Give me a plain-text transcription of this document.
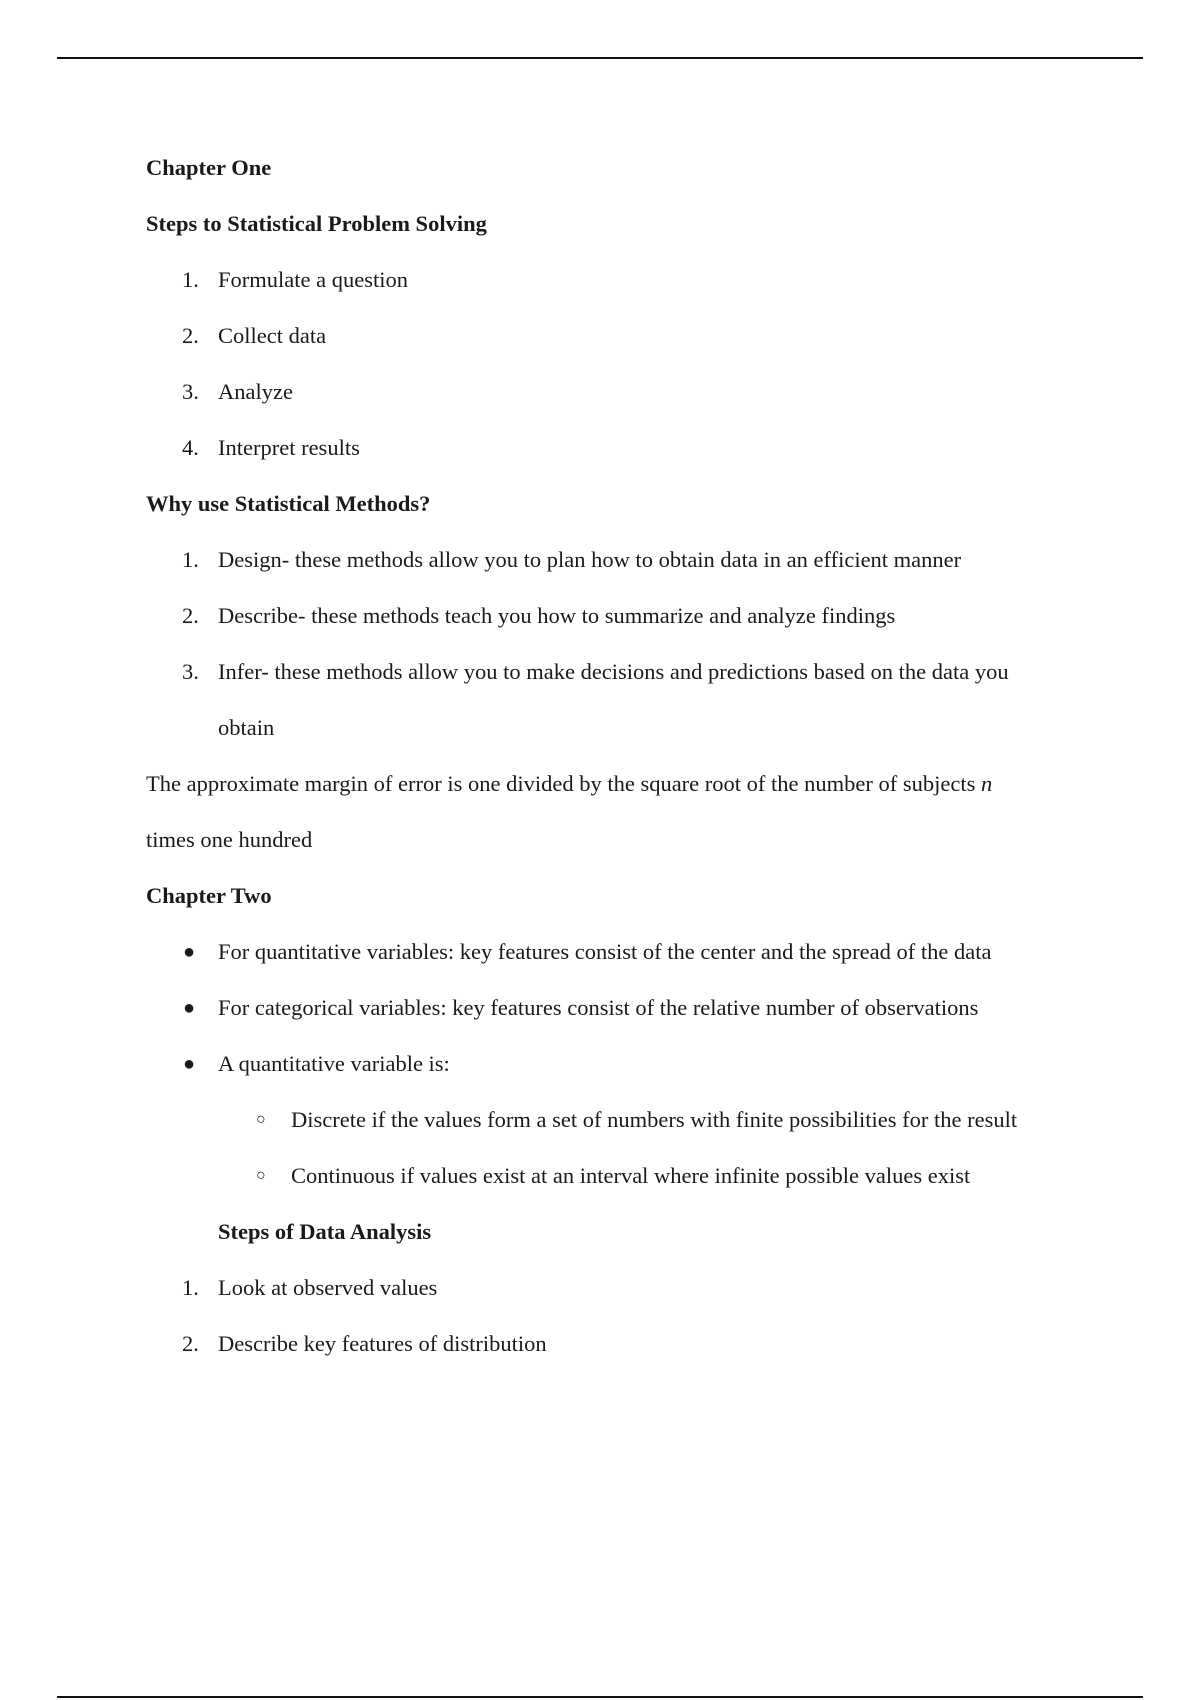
Chapter One
Steps to Statistical Problem Solving
1. Formulate a question
2. Collect data
3. Analyze
4. Interpret results
Why use Statistical Methods?
1. Design- these methods allow you to plan how to obtain data in an efficient manner
2. Describe- these methods teach you how to summarize and analyze findings
3. Infer- these methods allow you to make decisions and predictions based on the data you
obtain
The approximate margin of error is one divided by the square root of the number of subjects n
times one hundred
Chapter Two
● For quantitative variables: key features consist of the center and the spread of the data
● For categorical variables: key features consist of the relative number of observations
● A quantitative variable is:
○ Discrete if the values form a set of numbers with finite possibilities for the result
○ Continuous if values exist at an interval where infinite possible values exist
Steps of Data Analysis
1. Look at observed values
2. Describe key features of distribution
